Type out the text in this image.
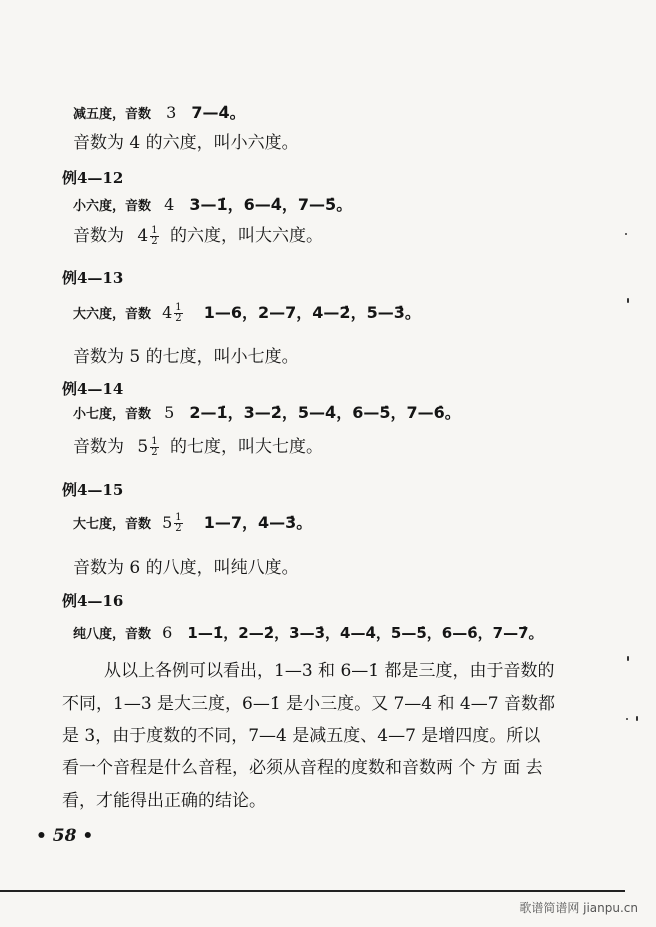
减五度，音数 3 7—4̇。
音数为 4 的六度，叫小六度。
例4—12
小六度，音数 4 3—1̇，6—4̇，7—5̇。
音数为 $4 \frac{1}{2}$ 的六度，叫大六度。
例4—13
大六度，音数 $4 \frac{1}{2}$ 1—6，2—7，4—2̇，5—3̇。
音数为 5 的七度，叫小七度。
例4—14
小七度，音数 5 2—1̇，3—2̇，5—4̇，6—5̇，7—6̇。
音数为 $5 \frac{1}{2}$ 的七度，叫大七度。
例4—15
大七度，音数 $5 \frac{1}{2}$ 1—7，4—3̇。
音数为 6 的八度，叫纯八度。
例4—16
纯八度，音数 6 1—1̇，2—2̇，3—3̇，4—4̇，5—5̇，6—6̇，7—7̇。
从以上各例可以看出，1—3 和 6—1̇ 都是三度，由于音数的
不同，1—3 是大三度，6—1̇ 是小三度。又 7—4̇ 和 4—7 音数都
是 3，由于度数的不同，7—4̇ 是减五度、4—7 是增四度。所以
看一个音程是什么音程，必须从音程的度数和音数两 个 方 面 去
看，才能得出正确的结论。
• 58 •
歌谱简谱网 jianpu.cn
